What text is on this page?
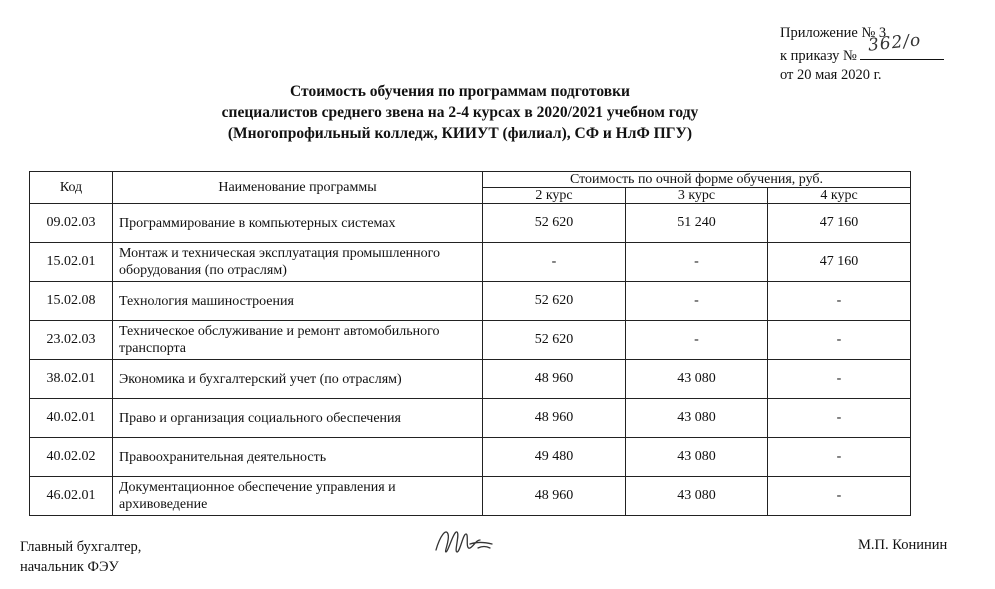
Приложение № 3
к приказу №
362/о
от 20 мая 2020 г.
Стоимость обучения по программам подготовки
специалистов среднего звена на 2-4 курсах в 2020/2021 учебном году
(Многопрофильный колледж, КИИУТ (филиал), СФ и НлФ ПГУ)
Код	Наименование программы	Стоимость по очной форме обучения, руб.		
		2 курс	3 курс	4 курс
09.02.03	Программирование в компьютерных системах	52 620	51 240	47 160
15.02.01	Монтаж и техническая эксплуатация промышленного оборудования (по отраслям)	-	-	47 160
15.02.08	Технология машиностроения	52 620	-	-
23.02.03	Техническое обслуживание и ремонт автомобильного транспорта	52 620	-	-
38.02.01	Экономика и бухгалтерский учет (по отраслям)	48 960	43 080	-
40.02.01	Право и организация социального обеспечения	48 960	43 080	-
40.02.02	Правоохранительная деятельность	49 480	43 080	-
46.02.01	Документационное обеспечение управления и архивоведение	48 960	43 080	-
Главный бухгалтер,
начальник ФЭУ
М.П. Конинин
